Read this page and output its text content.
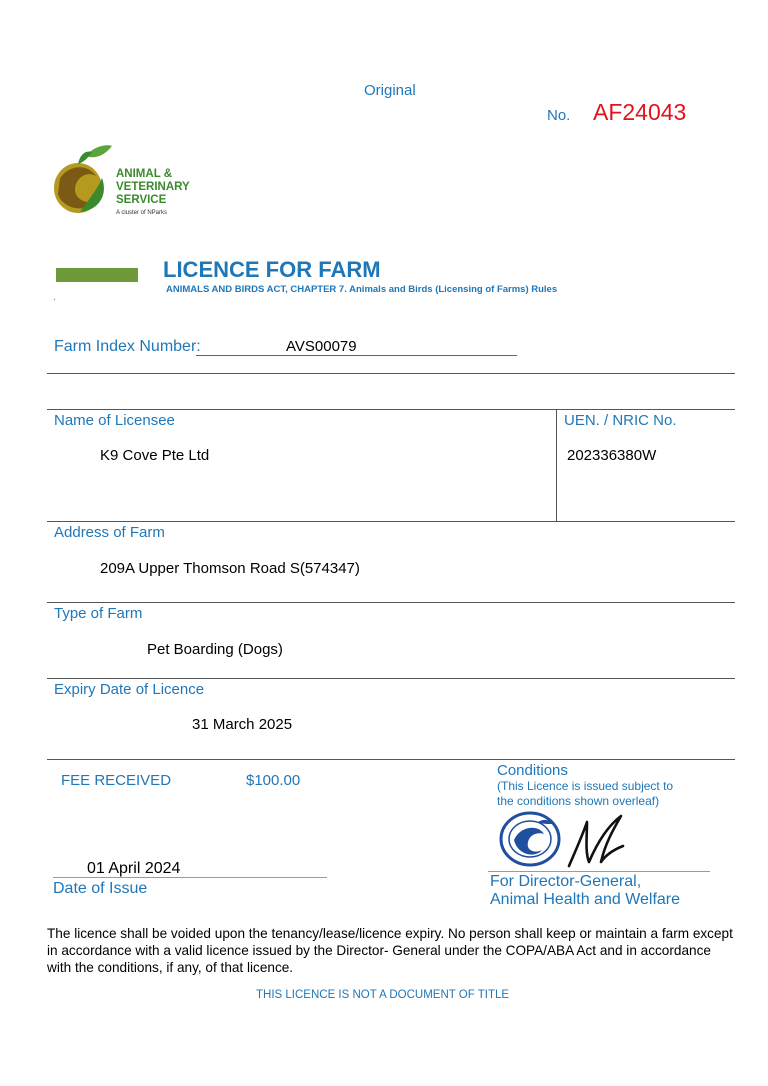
Original
No. AF24043
ANIMAL &
VETERINARY
SERVICE
A cluster of NParks
.
LICENCE FOR FARM
ANIMALS AND BIRDS ACT, CHAPTER 7. Animals and Birds (Licensing of Farms) Rules
Farm Index Number:	AVS00079
Name of Licensee
K9 Cove Pte Ltd
UEN. / NRIC No.
202336380W
Address of Farm
209A Upper Thomson Road S(574347)
Type of Farm
Pet Boarding (Dogs)
Expiry Date of Licence
31 March 2025
FEE RECEIVED	$100.00
Conditions
(This Licence is issued subject to
the conditions shown overleaf)
For Director-General,
Animal Health and Welfare
01 April 2024
Date of Issue
The licence shall be voided upon the tenancy/lease/licence expiry. No person shall keep or maintain a farm except in accordance with a valid licence issued by the Director- General under the COPA/ABA Act and in accordance with the conditions, if any, of that licence.
THIS LICENCE IS NOT A DOCUMENT OF TITLE
